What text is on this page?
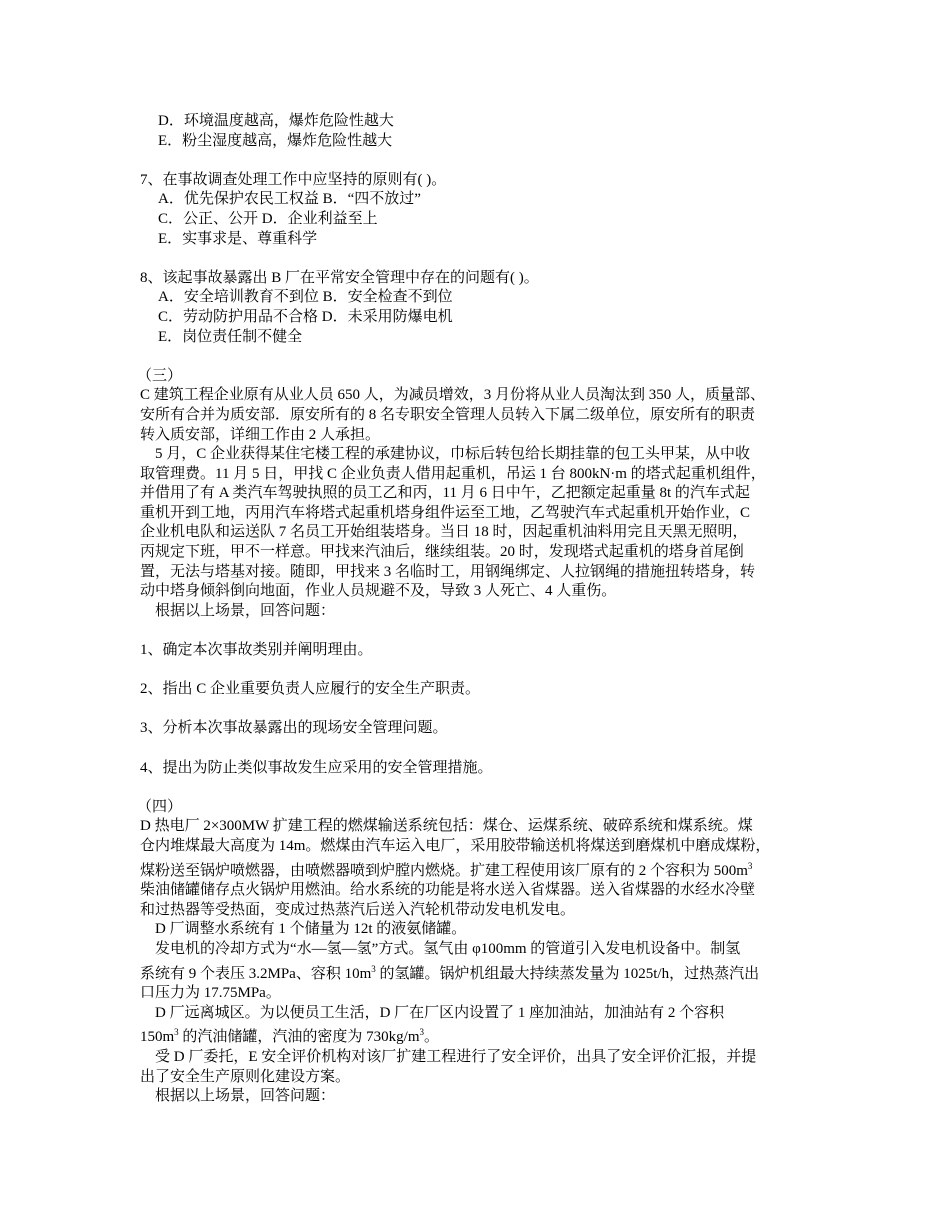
D．环境温度越高，爆炸危险性越大
E．粉尘湿度越高，爆炸危险性越大
7、在事故调查处理工作中应坚持的原则有( )。
A．优先保护农民工权益 B．“四不放过”
C．公正、公开 D．企业利益至上
E．实事求是、尊重科学
8、该起事故暴露出 B 厂在平常安全管理中存在的问题有( )。
A．安全培训教育不到位 B．安全检查不到位
C．劳动防护用品不合格 D．未采用防爆电机
E．岗位责任制不健全
（三）
C 建筑工程企业原有从业人员 650 人，为减员增效，3 月份将从业人员淘汰到 350 人，质量部、
安所有合并为质安部．原安所有的 8 名专职安全管理人员转入下属二级单位，原安所有的职责
转入质安部，详细工作由 2 人承担。
5 月，C 企业获得某住宅楼工程的承建协议，巾标后转包给长期挂靠的包工头甲某，从中收
取管理费。11 月 5 日，甲找 C 企业负责人借用起重机，吊运 1 台 800kN·m 的塔式起重机组件，
并借用了有 A 类汽车驾驶执照的员工乙和丙，11 月 6 日中午，乙把额定起重量 8t 的汽车式起
重机开到工地，丙用汽车将塔式起重机塔身组件运至工地，乙驾驶汽车式起重机开始作业，C
企业机电队和运送队 7 名员工开始组装塔身。当日 18 时，因起重机油料用完且天黑无照明，
丙规定下班，甲不一样意。甲找来汽油后，继续组装。20 时，发现塔式起重机的塔身首尾倒
置，无法与塔基对接。随即，甲找来 3 名临时工，用钢绳绑定、人拉钢绳的措施扭转塔身，转
动中塔身倾斜倒向地面，作业人员规避不及，导致 3 人死亡、4 人重伤。
根据以上场景，回答问题：
1、确定本次事故类别并阐明理由。
2、指出 C 企业重要负责人应履行的安全生产职责。
3、分析本次事故暴露出的现场安全管理问题。
4、提出为防止类似事故发生应采用的安全管理措施。
（四）
D 热电厂 2×300MW 扩建工程的燃煤输送系统包括：煤仓、运煤系统、破碎系统和煤系统。煤
仓内堆煤最大高度为 14m。燃煤由汽车运入电厂，采用胶带输送机将煤送到磨煤机中磨成煤粉，
煤粉送至锅炉喷燃器，由喷燃器喷到炉膛内燃烧。扩建工程使用该厂原有的 2 个容积为 $500m^3$
柴油储罐储存点火锅炉用燃油。给水系统的功能是将水送入省煤器。送入省煤器的水经水冷壁
和过热器等受热面，变成过热蒸汽后送入汽轮机带动发电机发电。
D 厂调整水系统有 1 个储量为 12t 的液氨储罐。
发电机的冷却方式为“水—氢—氢”方式。氢气由 φ100mm 的管道引入发电机设备中。制氢
系统有 9 个表压 3.2MPa、容积 $10m^3$ 的氢罐。锅炉机组最大持续蒸发量为 1025t/h，过热蒸汽出
口压力为 17.75MPa。
D 厂远离城区。为以便员工生活，D 厂在厂区内设置了 1 座加油站，加油站有 2 个容积
$150m^3$ 的汽油储罐，汽油的密度为 $730kg/m^3$。
受 D 厂委托，E 安全评价机构对该厂扩建工程进行了安全评价，出具了安全评价汇报，并提
出了安全生产原则化建设方案。
根据以上场景，回答问题：
